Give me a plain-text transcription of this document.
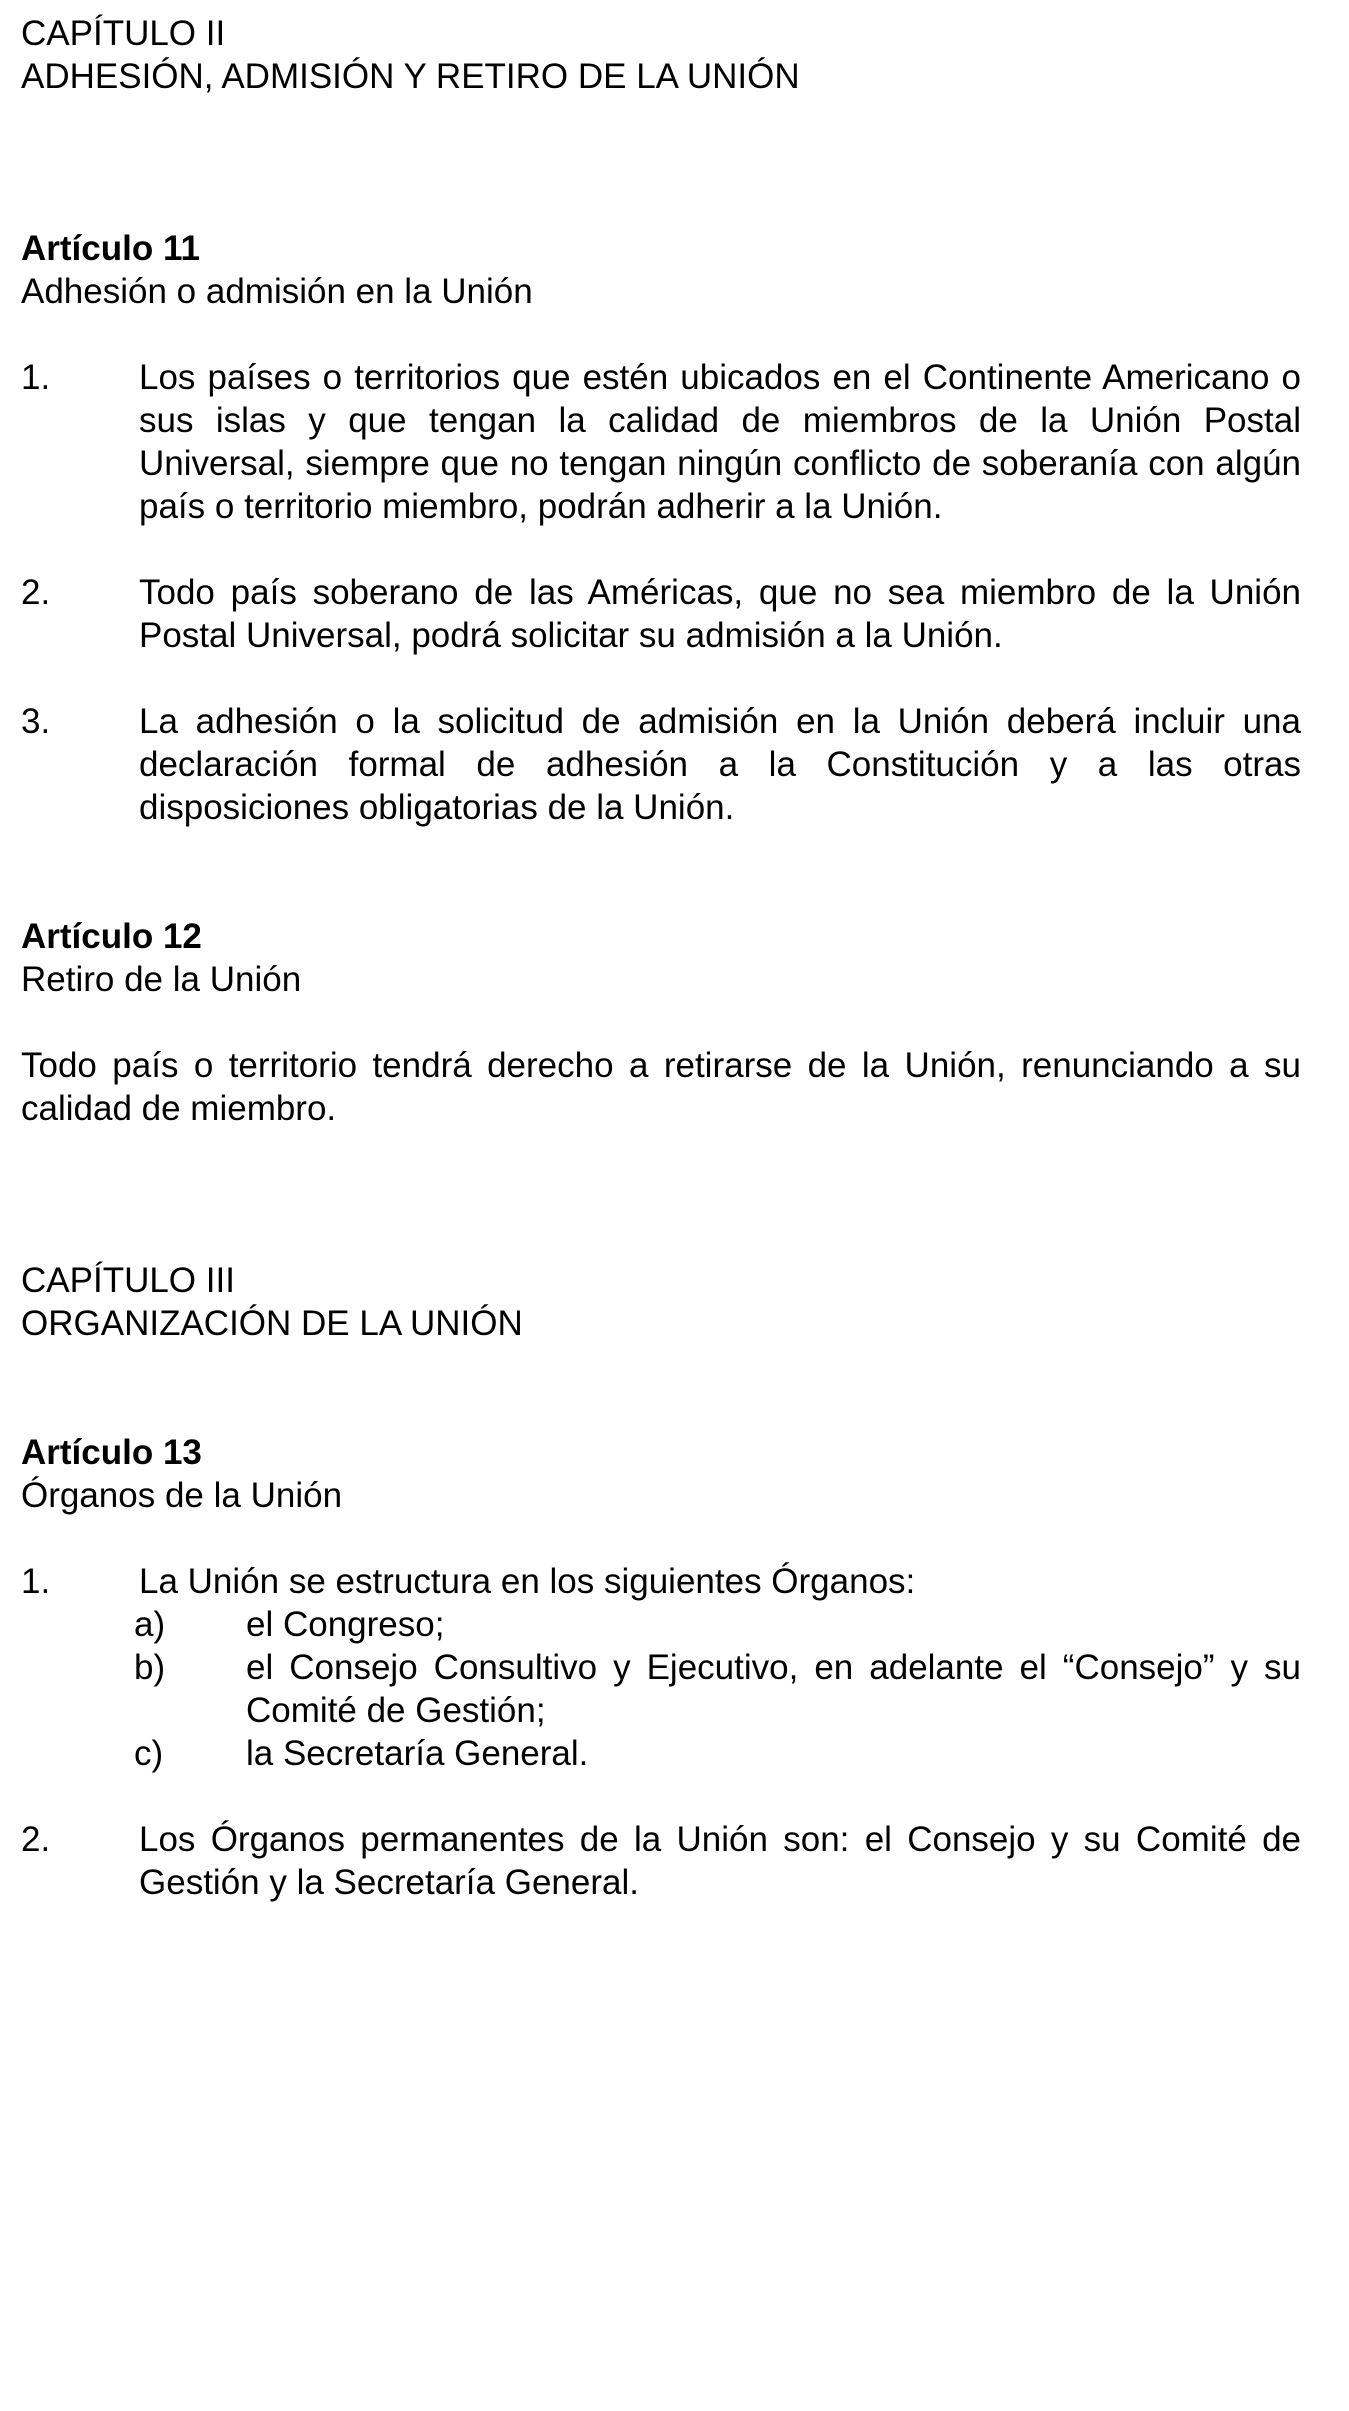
CAPÍTULO II
ADHESIÓN, ADMISIÓN Y RETIRO DE LA UNIÓN
Artículo 11
Adhesión o admisión en la Unión
1.	Los países o territorios que estén ubicados en el Continente Americano o sus islas y que tengan la calidad de miembros de la Unión Postal Universal, siempre que no tengan ningún conflicto de soberanía con algún país o territorio miembro, podrán adherir a la Unión.
2.	Todo país soberano de las Américas, que no sea miembro de la Unión Postal Universal, podrá solicitar su admisión a la Unión.
3.	La adhesión o la solicitud de admisión en la Unión deberá incluir una declaración formal de adhesión a la Constitución y a las otras disposiciones obligatorias de la Unión.
Artículo 12
Retiro de la Unión
Todo país o territorio tendrá derecho a retirarse de la Unión, renunciando a su calidad de miembro.
CAPÍTULO III
ORGANIZACIÓN DE LA UNIÓN
Artículo 13
Órganos de la Unión
1.	La Unión se estructura en los siguientes Órganos:
a) el Congreso;
b) el Consejo Consultivo y Ejecutivo, en adelante el “Consejo” y su Comité de Gestión;
c) la Secretaría General.
2.	Los Órganos permanentes de la Unión son: el Consejo y su Comité de Gestión y la Secretaría General.
